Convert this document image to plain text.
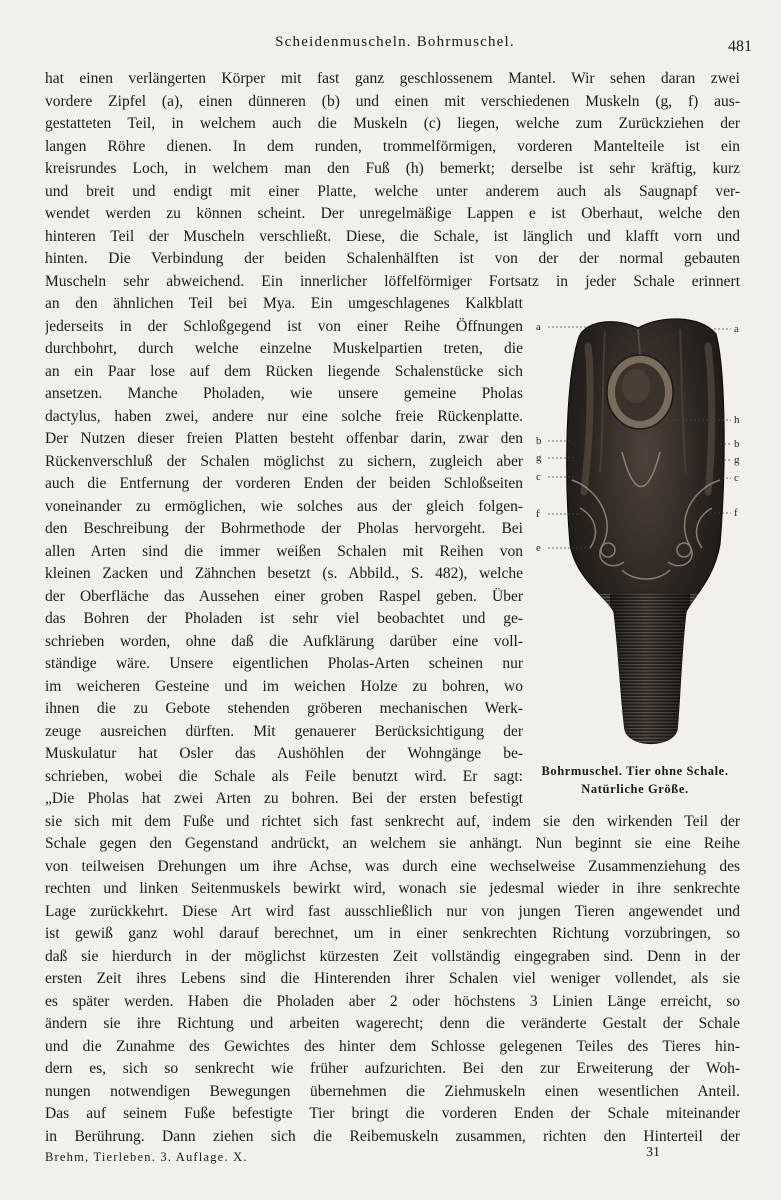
Scheidenmuscheln. Bohrmuschel.	481
hat einen verlängerten Körper mit fast ganz geschlossenem Mantel. Wir sehen daran zwei
vordere Zipfel (a), einen dünneren (b) und einen mit verschiedenen Muskeln (g, f) aus-
gestatteten Teil, in welchem auch die Muskeln (c) liegen, welche zum Zurückziehen der
langen Röhre dienen. In dem runden, trommelförmigen, vorderen Mantelteile ist ein
kreisrundes Loch, in welchem man den Fuß (h) bemerkt; derselbe ist sehr kräftig, kurz
und breit und endigt mit einer Platte, welche unter anderem auch als Saugnapf ver-
wendet werden zu können scheint. Der unregelmäßige Lappen e ist Oberhaut, welche den
hinteren Teil der Muscheln verschließt. Diese, die Schale, ist länglich und klafft vorn und
hinten. Die Verbindung der beiden Schalenhälften ist von der der normal gebauten
Muscheln sehr abweichend. Ein innerlicher löffelförmiger Fortsatz in jeder Schale erinnert
an den ähnlichen Teil bei Mya. Ein umgeschlagenes Kalkblatt
jederseits in der Schloßgegend ist von einer Reihe Öffnungen
durchbohrt, durch welche einzelne Muskelpartien treten, die
an ein Paar lose auf dem Rücken liegende Schalenstücke sich
ansetzen. Manche Pholaden, wie unsere gemeine Pholas
dactylus, haben zwei, andere nur eine solche freie Rückenplatte.
Der Nutzen dieser freien Platten besteht offenbar darin, zwar den
Rückenverschluß der Schalen möglichst zu sichern, zugleich aber
auch die Entfernung der vorderen Enden der beiden Schloßseiten
voneinander zu ermöglichen, wie solches aus der gleich folgen-
den Beschreibung der Bohrmethode der Pholas hervorgeht. Bei
allen Arten sind die immer weißen Schalen mit Reihen von
kleinen Zacken und Zähnchen besetzt (s. Abbild., S. 482), welche
der Oberfläche das Aussehen einer groben Raspel geben. Über
das Bohren der Pholaden ist sehr viel beobachtet und ge-
schrieben worden, ohne daß die Aufklärung darüber eine voll-
ständige wäre. Unsere eigentlichen Pholas-Arten scheinen nur
im weicheren Gesteine und im weichen Holze zu bohren, wo
ihnen die zu Gebote stehenden gröberen mechanischen Werk-
zeuge ausreichen dürften. Mit genauerer Berücksichtigung der
Muskulatur hat Osler das Aushöhlen der Wohngänge be-
schrieben, wobei die Schale als Feile benutzt wird. Er sagt:
„Die Pholas hat zwei Arten zu bohren. Bei der ersten befestigt
sie sich mit dem Fuße und richtet sich fast senkrecht auf, indem sie den wirkenden Teil der
Schale gegen den Gegenstand andrückt, an welchem sie anhängt. Nun beginnt sie eine Reihe
von teilweisen Drehungen um ihre Achse, was durch eine wechselweise Zusammenziehung des
rechten und linken Seitenmuskels bewirkt wird, wonach sie jedesmal wieder in ihre senkrechte
Lage zurückkehrt. Diese Art wird fast ausschließlich nur von jungen Tieren angewendet und
ist gewiß ganz wohl darauf berechnet, um in einer senkrechten Richtung vorzubringen, so
daß sie hierdurch in der möglichst kürzesten Zeit vollständig eingegraben sind. Denn in der
ersten Zeit ihres Lebens sind die Hinterenden ihrer Schalen viel weniger vollendet, als sie
es später werden. Haben die Pholaden aber 2 oder höchstens 3 Linien Länge erreicht, so
ändern sie ihre Richtung und arbeiten wagerecht; denn die veränderte Gestalt der Schale
und die Zunahme des Gewichtes des hinter dem Schlosse gelegenen Teiles des Tieres hin-
dern es, sich so senkrecht wie früher aufzurichten. Bei den zur Erweiterung der Woh-
nungen notwendigen Bewegungen übernehmen die Ziehmuskeln einen wesentlichen Anteil.
Das auf seinem Fuße befestigte Tier bringt die vorderen Enden der Schale miteinander
in Berührung. Dann ziehen sich die Reibemuskeln zusammen, richten den Hinterteil der
a
b
g
c
f
e
a
h
b
g
c
f
Bohrmuschel. Tier ohne Schale.
Natürliche Größe.
Brehm, Tierleben. 3. Auflage. X.	31
